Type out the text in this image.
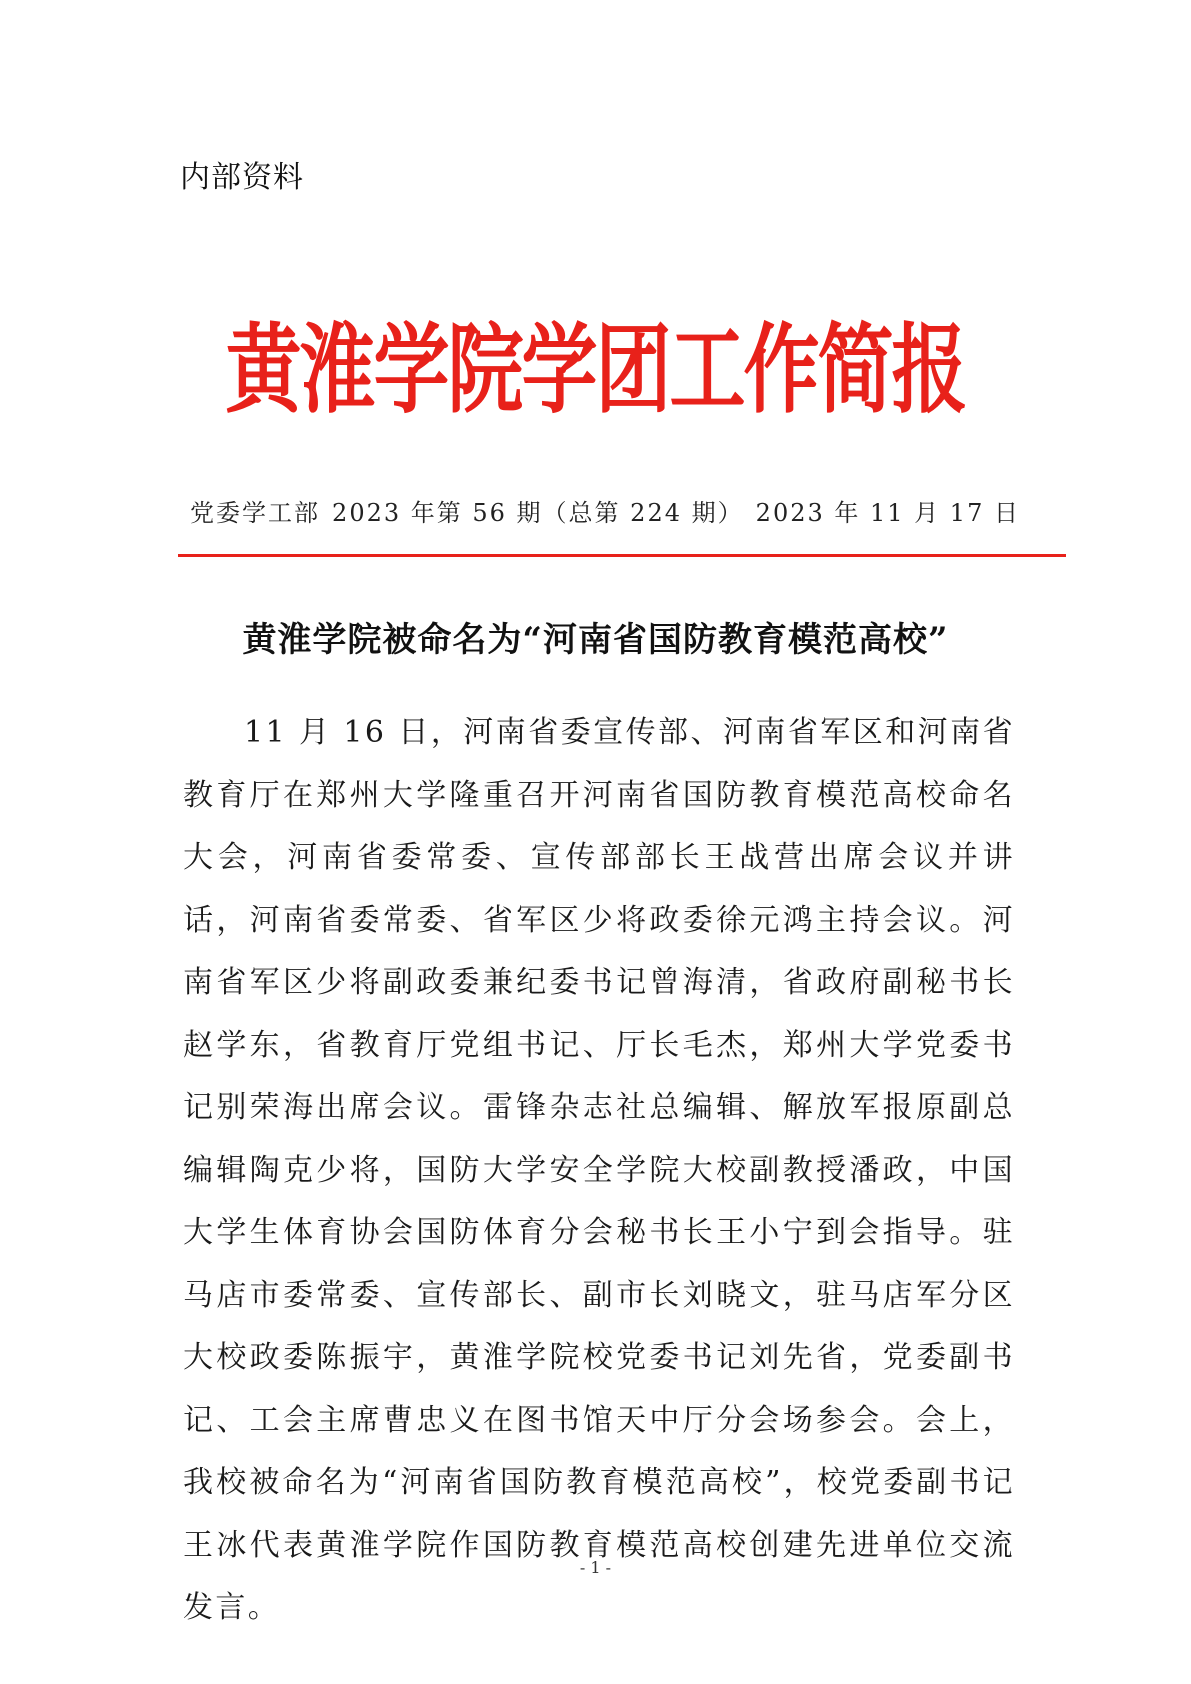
内部资料
黄淮学院学团工作简报
党委学工部 2023 年第 56 期（总第 224 期） 2023 年 11 月 17 日
黄淮学院被命名为“河南省国防教育模范高校”
11 月 16 日，河南省委宣传部、河南省军区和河南省教育厅在郑州大学隆重召开河南省国防教育模范高校命名大会，河南省委常委、宣传部部长王战营出席会议并讲话，河南省委常委、省军区少将政委徐元鸿主持会议。河南省军区少将副政委兼纪委书记曾海清，省政府副秘书长赵学东，省教育厅党组书记、厅长毛杰，郑州大学党委书记别荣海出席会议。雷锋杂志社总编辑、解放军报原副总编辑陶克少将，国防大学安全学院大校副教授潘政，中国大学生体育协会国防体育分会秘书长王小宁到会指导。驻马店市委常委、宣传部长、副市长刘晓文，驻马店军分区大校政委陈振宇，黄淮学院校党委书记刘先省，党委副书记、工会主席曹忠义在图书馆天中厅分会场参会。会上，我校被命名为“河南省国防教育模范高校”，校党委副书记王冰代表黄淮学院作国防教育模范高校创建先进单位交流发言。
- 1 -
